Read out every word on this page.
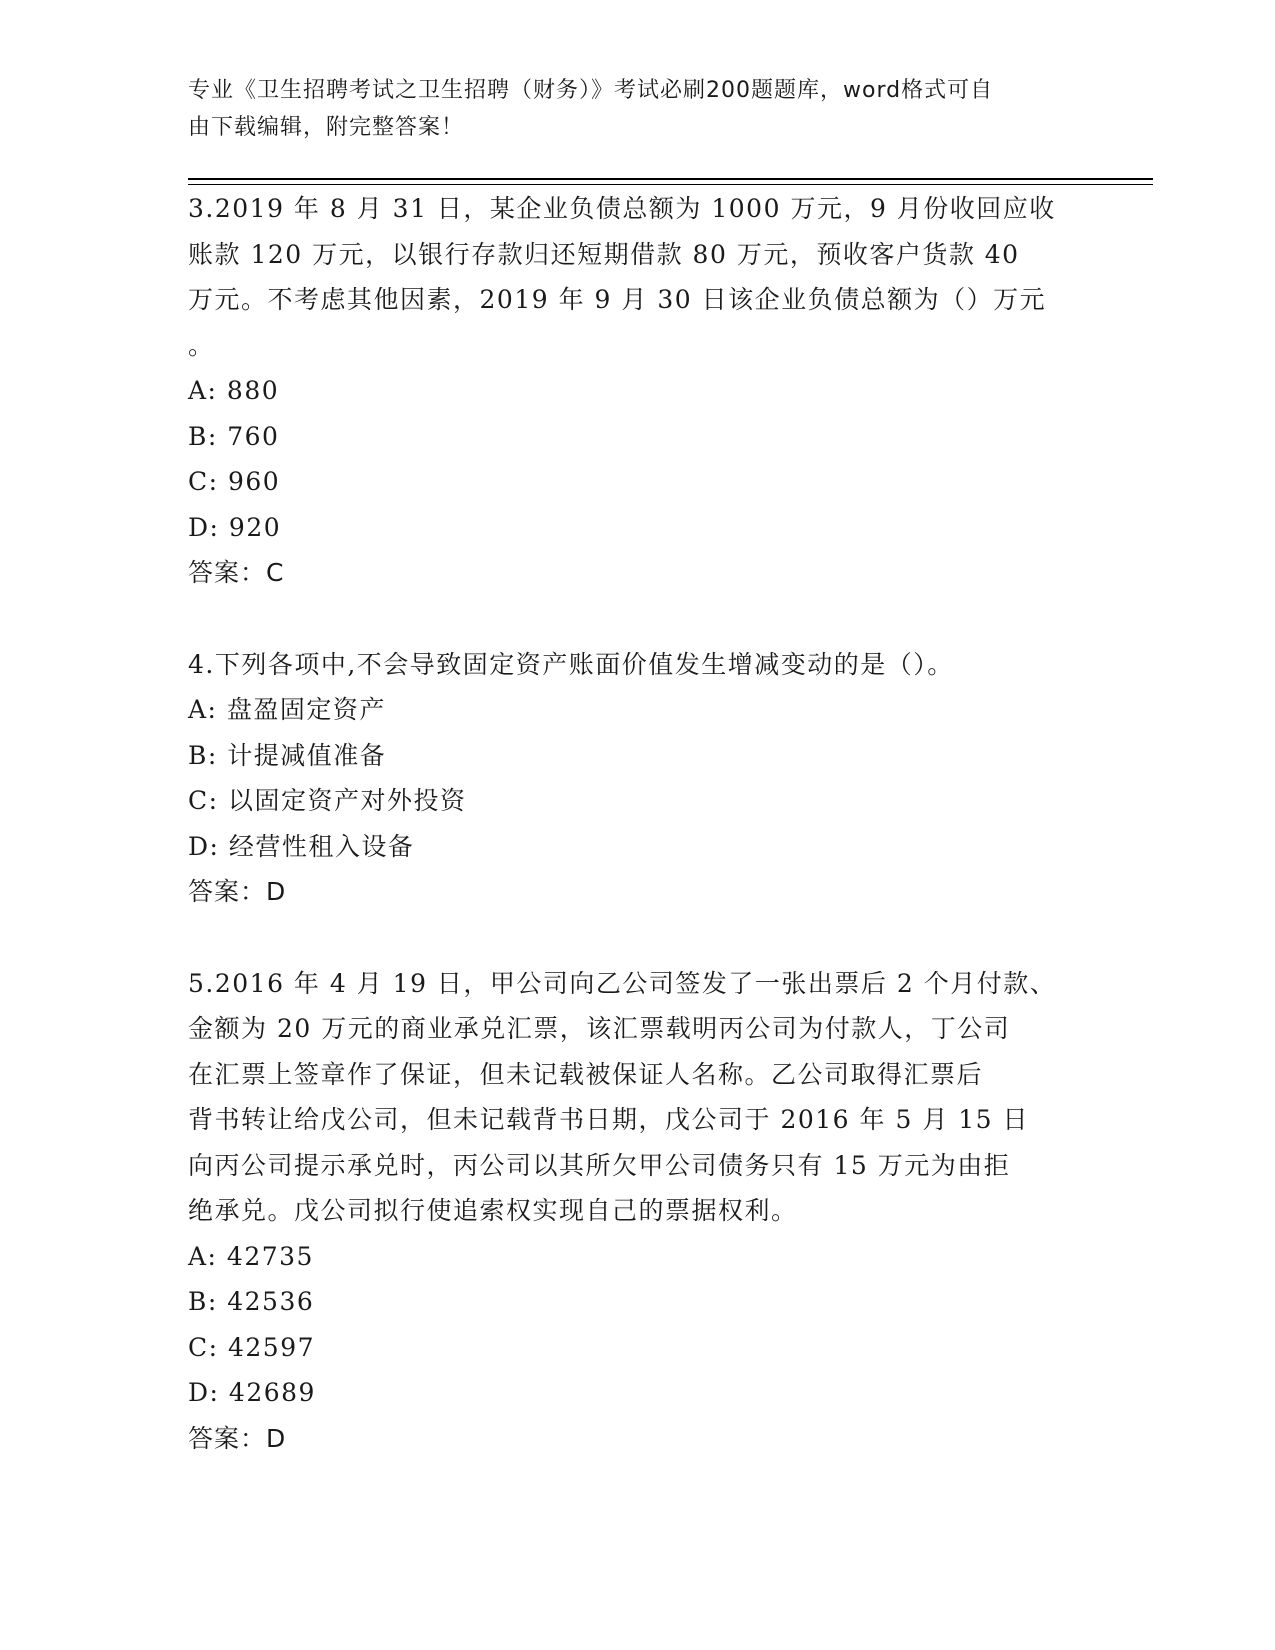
专业《卫生招聘考试之卫生招聘（财务）》考试必刷200题题库，word格式可自
由下载编辑，附完整答案！

3.2019 年 8 月 31 日，某企业负债总额为 1000 万元，9 月份收回应收

账款 120 万元，以银行存款归还短期借款 80 万元，预收客户货款 40

万元。不考虑其他因素，2019 年 9 月 30 日该企业负债总额为（）万元

。

A: 880

B: 760

C: 960

D: 920

答案：C

4.下列各项中,不会导致固定资产账面价值发生增减变动的是（）。

A: 盘盈固定资产

B: 计提减值准备

C: 以固定资产对外投资

D: 经营性租入设备

答案：D

5.2016 年 4 月 19 日，甲公司向乙公司签发了一张出票后 2 个月付款、

金额为 20 万元的商业承兑汇票，该汇票载明丙公司为付款人，丁公司

在汇票上签章作了保证，但未记载被保证人名称。乙公司取得汇票后

背书转让给戊公司，但未记载背书日期，戊公司于 2016 年 5 月 15 日

向丙公司提示承兑时，丙公司以其所欠甲公司债务只有 15 万元为由拒

绝承兑。戊公司拟行使追索权实现自己的票据权利。

A: 42735

B: 42536

C: 42597

D: 42689

答案：D
